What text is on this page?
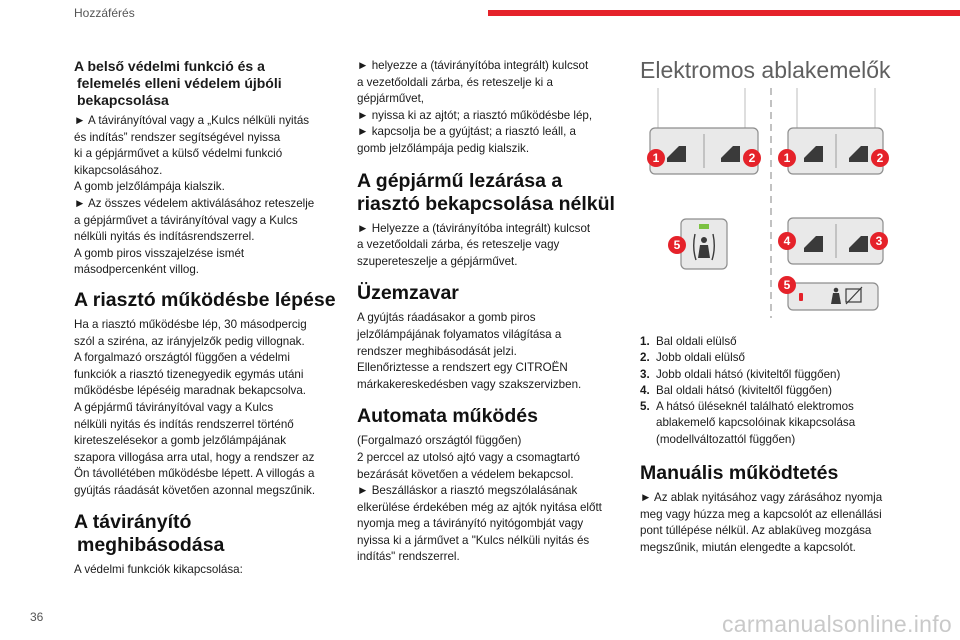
Hozzáférés
A belső védelmi funkció és a
felemelés elleni védelem újbóli
bekapcsolása

► A távirányítóval vagy a „Kulcs nélküli nyitás
és indítás” rendszer segítségével nyissa
ki a gépjárművet a külső védelmi funkció
kikapcsolásához.
A gomb jelzőlámpája kialszik.
► Az összes védelem aktiválásához reteszelje
a gépjárművet a távirányítóval vagy a Kulcs
nélküli nyitás és indításrendszerrel.
A gomb piros visszajelzése ismét
másodpercenként villog.

A riasztó működésbe lépése

Ha a riasztó működésbe lép, 30 másodpercig
szól a sziréna, az irányjelzők pedig villognak.
A forgalmazó országtól függően a védelmi
funkciók a riasztó tizenegyedik egymás utáni
működésbe lépéséig maradnak bekapcsolva.
A gépjármű távirányítóval vagy a Kulcs
nélküli nyitás és indítás rendszerrel történő
kireteszelésekor a gomb jelzőlámpájának
szapora villogása arra utal, hogy a rendszer az
Ön távollétében működésbe lépett. A villogás a
gyújtás ráadását követően azonnal megszűnik.

A távirányító
meghibásodása

A védelmi funkciók kikapcsolása:

► helyezze a (távirányítóba integrált) kulcsot
a vezetőoldali zárba, és reteszelje ki a
gépjárművet,
► nyissa ki az ajtót; a riasztó működésbe lép,
► kapcsolja be a gyújtást; a riasztó leáll, a
gomb jelzőlámpája pedig kialszik.

A gépjármű lezárása a
riasztó bekapcsolása nélkül

► Helyezze a (távirányítóba integrált) kulcsot
a vezetőoldali zárba, és reteszelje vagy
szupereteszelje a gépjárművet.

Üzemzavar

A gyújtás ráadásakor a gomb piros
jelzőlámpájának folyamatos világítása a
rendszer meghibásodását jelzi.
Ellenőriztesse a rendszert egy CITROËN
márkakereskedésben vagy szakszervizben.

Automata működés

(Forgalmazó országtól függően)
2 perccel az utolsó ajtó vagy a csomagtartó
bezárását követően a védelem bekapcsol.
► Beszálláskor a riasztó megszólalásának
elkerülése érdekében még az ajtók nyitása előtt
nyomja meg a távirányító nyitógombját vagy
nyissa ki a járművet a "Kulcs nélküli nyitás és
indítás" rendszerrel.

Elektromos ablakemelők
1	2 1	2
5	4	3
5
1. Bal oldali elülső
2. Jobb oldali elülső
3. Jobb oldali hátsó (kiviteltől függően)
4. Bal oldali hátsó (kiviteltől függően)
5. A hátsó üléseknél található elektromos
ablakemelő kapcsolóinak kikapcsolása
(modellváltozattól függően)
Manuális működtetés

► Az ablak nyitásához vagy zárásához nyomja
meg vagy húzza meg a kapcsolót az ellenállási
pont túllépése nélkül. Az ablaküveg mozgása
megszűnik, miután elengedte a kapcsolót.

36	carmanualsonline.info
